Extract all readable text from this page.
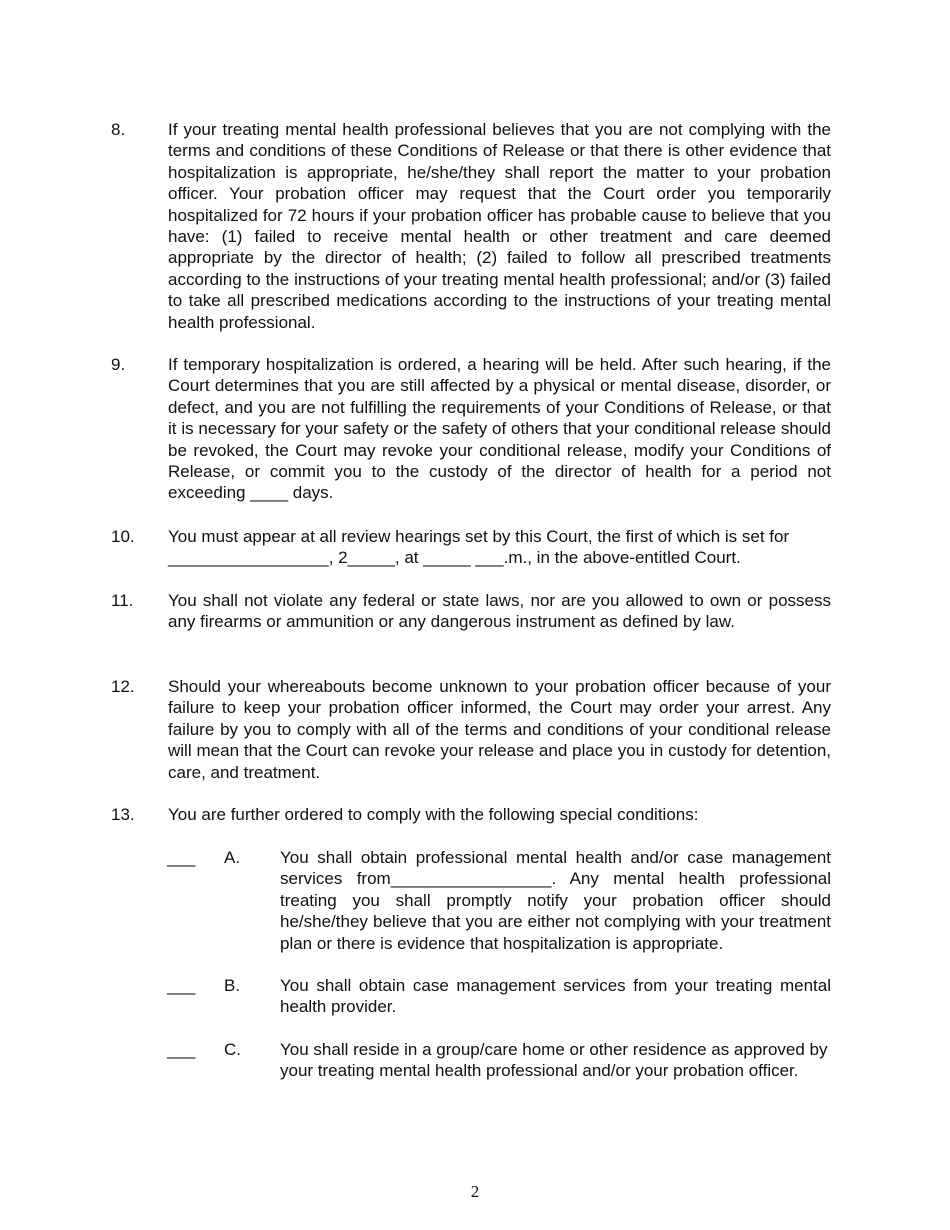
8.	If your treating mental health professional believes that you are not complying with the terms and conditions of these Conditions of Release or that there is other evidence that hospitalization is appropriate, he/she/they shall report the matter to your probation officer. Your probation officer may request that the Court order you temporarily hospitalized for 72 hours if your probation officer has probable cause to believe that you have: (1) failed to receive mental health or other treatment and care deemed appropriate by the director of health; (2) failed to follow all prescribed treatments according to the instructions of your treating mental health professional; and/or (3) failed to take all prescribed medications according to the instructions of your treating mental health professional.
9.	If temporary hospitalization is ordered, a hearing will be held. After such hearing, if the Court determines that you are still affected by a physical or mental disease, disorder, or defect, and you are not fulfilling the requirements of your Conditions of Release, or that it is necessary for your safety or the safety of others that your conditional release should be revoked, the Court may revoke your conditional release, modify your Conditions of Release, or commit you to the custody of the director of health for a period not exceeding ____ days.
10.	You must appear at all review hearings set by this Court, the first of which is set for
_________________, 2_____, at _____ ___.m., in the above-entitled Court.
11.	You shall not violate any federal or state laws, nor are you allowed to own or possess any firearms or ammunition or any dangerous instrument as defined by law.
12.	Should your whereabouts become unknown to your probation officer because of your failure to keep your probation officer informed, the Court may order your arrest. Any failure by you to comply with all of the terms and conditions of your conditional release will mean that the Court can revoke your release and place you in custody for detention, care, and treatment.
13.	You are further ordered to comply with the following special conditions:
___ A. You shall obtain professional mental health and/or case management services from_________________. Any mental health professional treating you shall promptly notify your probation officer should he/she/they believe that you are either not complying with your treatment plan or there is evidence that hospitalization is appropriate.
___ B. You shall obtain case management services from your treating mental health provider.
___ C. You shall reside in a group/care home or other residence as approved by your treating mental health professional and/or your probation officer.
2
